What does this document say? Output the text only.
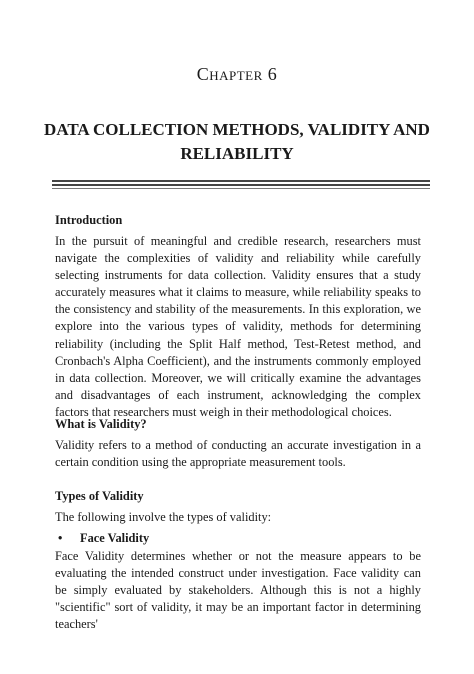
Chapter 6
DATA COLLECTION METHODS, VALIDITY AND
RELIABILITY
Introduction
In the pursuit of meaningful and credible research, researchers must navigate the complexities of validity and reliability while carefully selecting instruments for data collection. Validity ensures that a study accurately measures what it claims to measure, while reliability speaks to the consistency and stability of the measurements. In this exploration, we explore into the various types of validity, methods for determining reliability (including the Split Half method, Test-Retest method, and Cronbach's Alpha Coefficient), and the instruments commonly employed in data collection. Moreover, we will critically examine the advantages and disadvantages of each instrument, acknowledging the complex factors that researchers must weigh in their methodological choices.
What is Validity?
Validity refers to a method of conducting an accurate investigation in a certain condition using the appropriate measurement tools.
Types of Validity
The following involve the types of validity:
• Face Validity
Face Validity determines whether or not the measure appears to be evaluating the intended construct under investigation. Face validity can be simply evaluated by stakeholders. Although this is not a highly "scientific" sort of validity, it may be an important factor in determining teachers'
